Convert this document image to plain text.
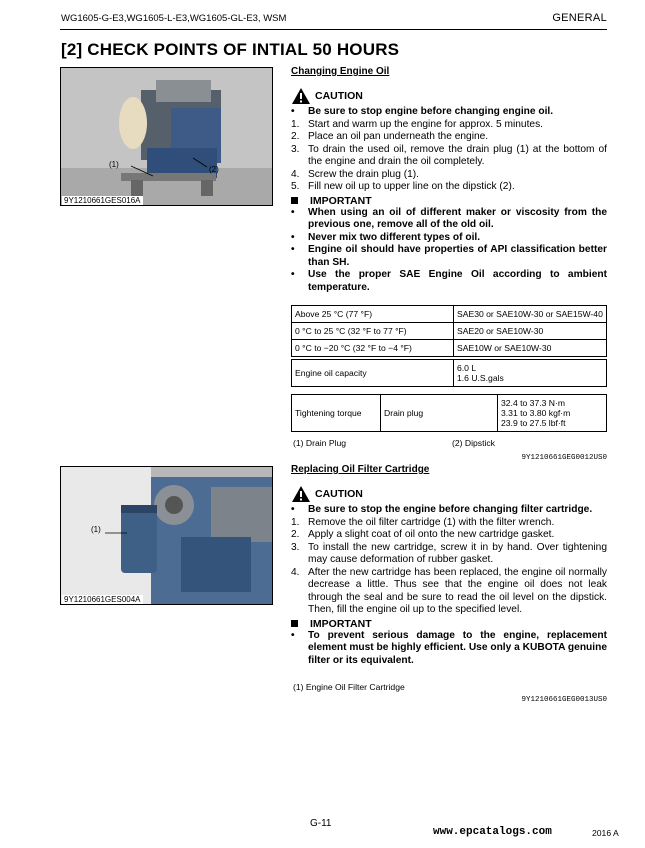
WG1605-G-E3,WG1605-L-E3,WG1605-GL-E3, WSM	GENERAL
[2] CHECK POINTS OF INTIAL 50 HOURS
(1)
(2)
9Y1210661GES016A
Changing Engine Oil
CAUTION
•	Be sure to stop engine before changing engine oil.
1. Start and warm up the engine for approx. 5 minutes.
2. Place an oil pan underneath the engine.
3. To drain the used oil, remove the drain plug (1) at the bottom of the engine and drain the oil completely.
4. Screw the drain plug (1).
5. Fill new oil up to upper line on the dipstick (2).
IMPORTANT
•	When using an oil of different maker or viscosity from the previous one, remove all of the old oil.
•	Never mix two different types of oil.
•	Engine oil should have properties of API classification better than SH.
•	Use the proper SAE Engine Oil according to ambient temperature.
Above 25 °C (77 °F)	SAE30 or SAE10W-30 or SAE15W-40
0 °C to 25 °C (32 °F to 77 °F)	SAE20 or SAE10W-30
0 °C to −20 °C (32 °F to −4 °F)	SAE10W or SAE10W-30
Engine oil capacity	6.0 L
1.6 U.S.gals
Tightening torque	Drain plug	
32.4 to 37.3 N·m
3.31 to 3.80 kgf·m
23.9 to 27.5 lbf·ft
(1) Drain Plug	(2) Dipstick
9Y1210661GEG0012US0
(1)
9Y1210661GES004A
Replacing Oil Filter Cartridge
CAUTION
•	Be sure to stop the engine before changing filter cartridge.
1. Remove the oil filter cartridge (1) with the filter wrench.
2. Apply a slight coat of oil onto the new cartridge gasket.
3. To install the new cartridge, screw it in by hand. Over tightening may cause deformation of rubber gasket.
4. After the new cartridge has been replaced, the engine oil normally decrease a little. Thus see that the engine oil does not leak through the seal and be sure to read the oil level on the dipstick. Then, fill the engine oil up to the specified level.
IMPORTANT
•	To prevent serious damage to the engine, replacement element must be highly efficient. Use only a KUBOTA genuine filter or its equivalent.
(1) Engine Oil Filter Cartridge
9Y1210661GEG0013US0
G-11
www.epcatalogs.com	2016 A
